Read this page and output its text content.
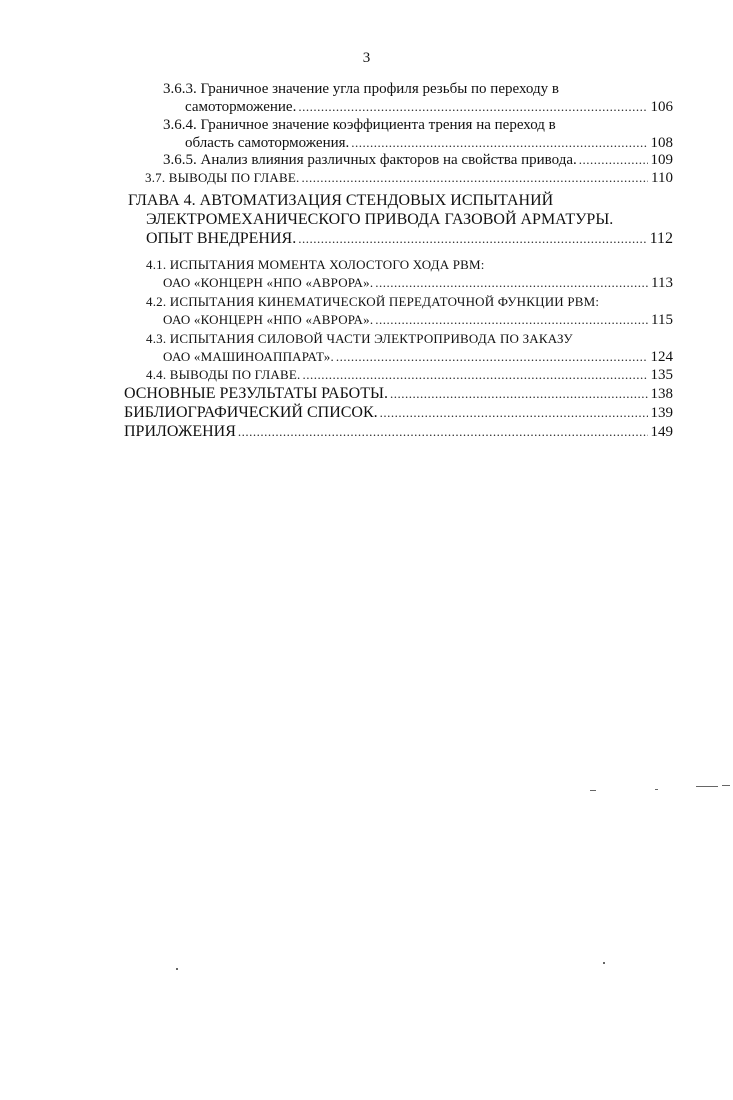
3
3.6.3. Граничное значение угла профиля резьбы по переходу в
самоторможение. .....	106
3.6.4. Граничное значение коэффициента трения на переход в
область самоторможения. .....	108
3.6.5. Анализ влияния различных факторов на свойства привода. .....	109
3.7. ВЫВОДЫ ПО ГЛАВЕ. .....	110
ГЛАВА 4. АВТОМАТИЗАЦИЯ СТЕНДОВЫХ ИСПЫТАНИЙ
ЭЛЕКТРОМЕХАНИЧЕСКОГО ПРИВОДА ГАЗОВОЙ АРМАТУРЫ.
ОПЫТ ВНЕДРЕНИЯ. .....	112
4.1. ИСПЫТАНИЯ МОМЕНТА ХОЛОСТОГО ХОДА РВМ:
ОАО «КОНЦЕРН «НПО «АВРОРА». .....	113
4.2. ИСПЫТАНИЯ КИНЕМАТИЧЕСКОЙ ПЕРЕДАТОЧНОЙ ФУНКЦИИ РВМ:
ОАО «КОНЦЕРН «НПО «АВРОРА». .....	115
4.3. ИСПЫТАНИЯ СИЛОВОЙ ЧАСТИ ЭЛЕКТРОПРИВОДА ПО ЗАКАЗУ
ОАО «МАШИНОАППАРАТ». .....	124
4.4. ВЫВОДЫ ПО ГЛАВЕ. .....	135
ОСНОВНЫЕ РЕЗУЛЬТАТЫ РАБОТЫ. .....	138
БИБЛИОГРАФИЧЕСКИЙ СПИСОК. .....	139
ПРИЛОЖЕНИЯ .....	149
